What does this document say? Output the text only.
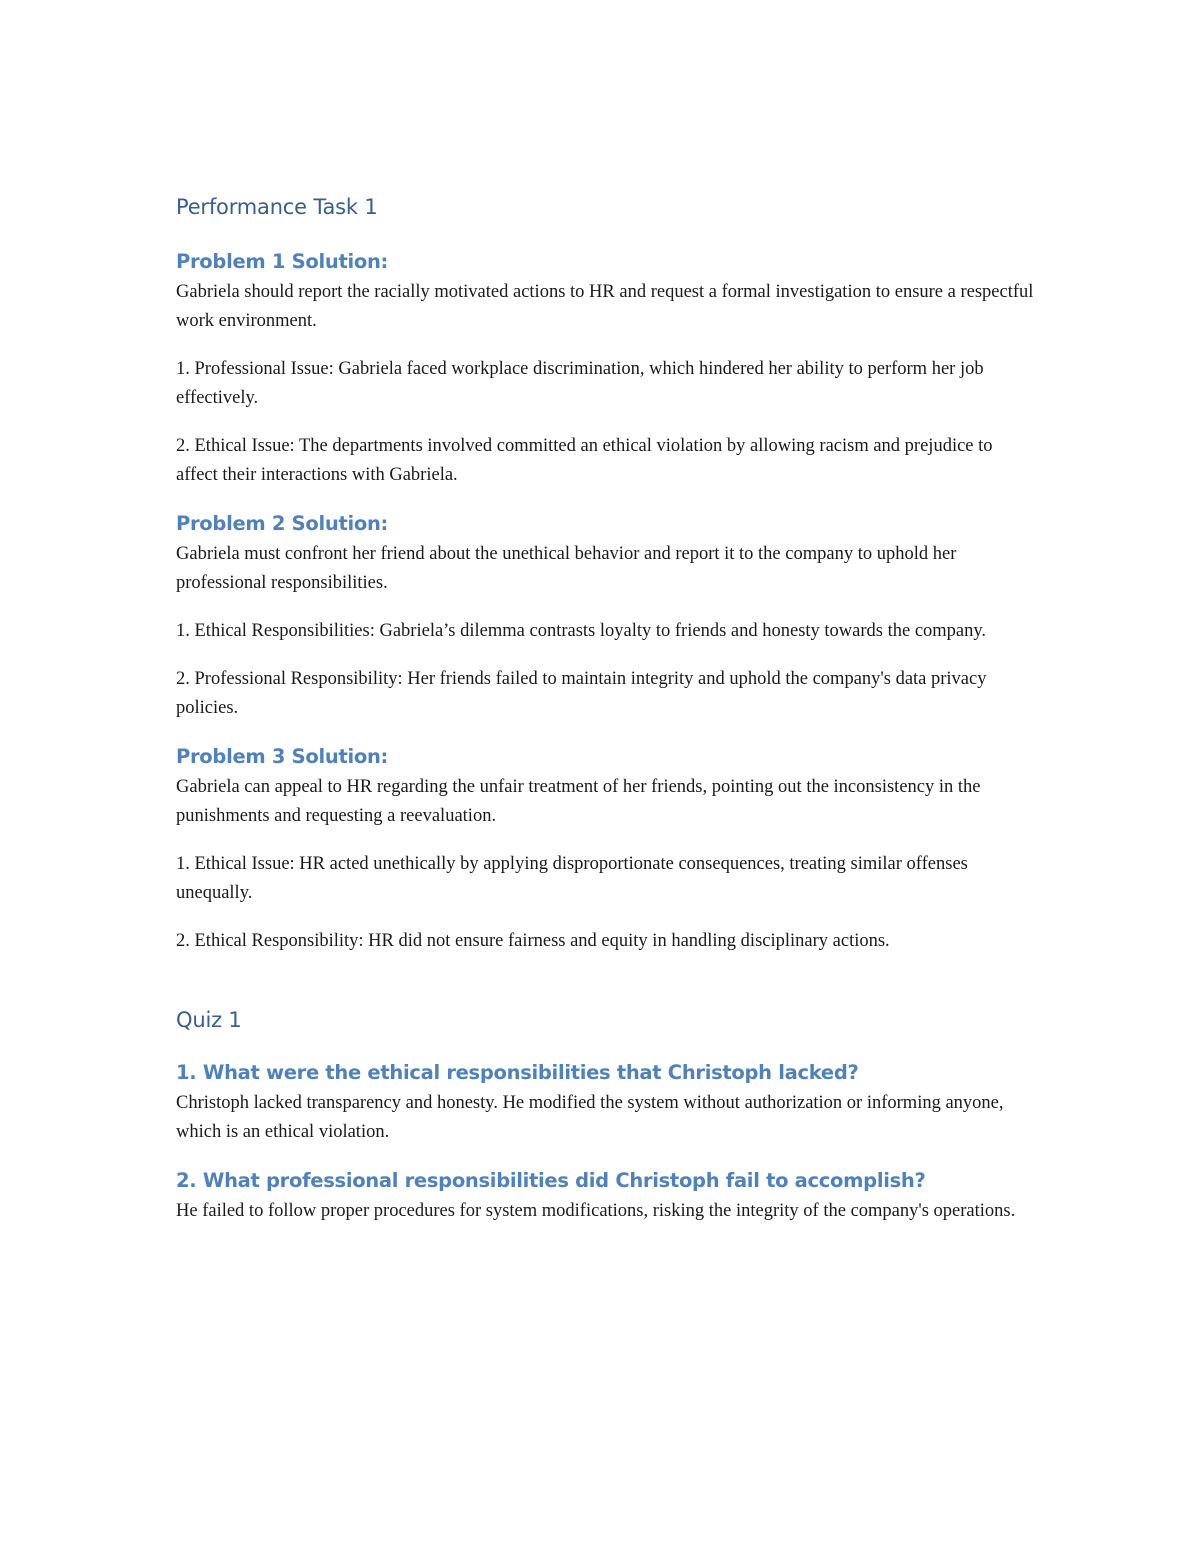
Performance Task 1
Problem 1 Solution:

Gabriela should report the racially motivated actions to HR and request a formal investigation to ensure a respectful work environment.

1. Professional Issue: Gabriela faced workplace discrimination, which hindered her ability to perform her job effectively.

2. Ethical Issue: The departments involved committed an ethical violation by allowing racism and prejudice to affect their interactions with Gabriela.

Problem 2 Solution:

Gabriela must confront her friend about the unethical behavior and report it to the company to uphold her professional responsibilities.

1. Ethical Responsibilities: Gabriela’s dilemma contrasts loyalty to friends and honesty towards the company.

2. Professional Responsibility: Her friends failed to maintain integrity and uphold the company's data privacy policies.

Problem 3 Solution:

Gabriela can appeal to HR regarding the unfair treatment of her friends, pointing out the inconsistency in the punishments and requesting a reevaluation.

1. Ethical Issue: HR acted unethically by applying disproportionate consequences, treating similar offenses unequally.

2. Ethical Responsibility: HR did not ensure fairness and equity in handling disciplinary actions.

Quiz 1
1. What were the ethical responsibilities that Christoph lacked?

Christoph lacked transparency and honesty. He modified the system without authorization or informing anyone, which is an ethical violation.

2. What professional responsibilities did Christoph fail to accomplish?

He failed to follow proper procedures for system modifications, risking the integrity of the company's operations.
